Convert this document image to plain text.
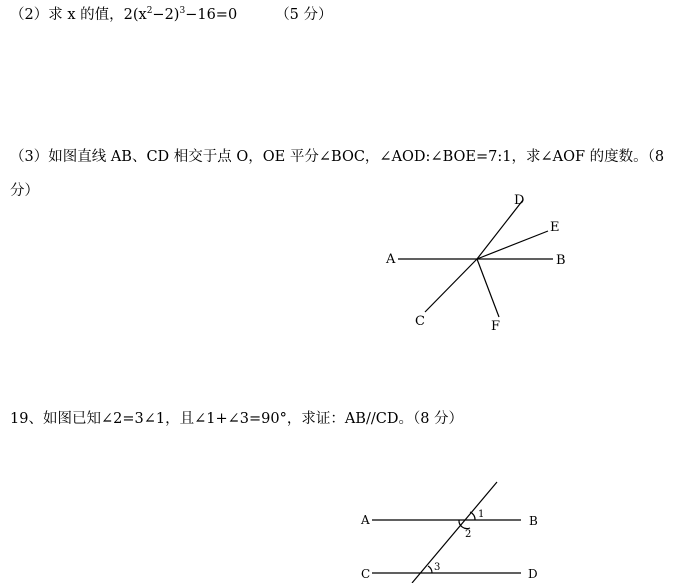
（2）求 x 的值，$2(x^2-2)^3-16=0$	（5 分）
（3）如图直线 AB、CD 相交于点 O，OE 平分∠BOC，∠AOD:∠BOE=7:1，求∠AOF 的度数。（8
分）
A	B
C
D
E
F
19、如图已知∠2=3∠1，且∠1+∠3=90°，求证：AB//CD。（8 分）
A	B
C	D
1
2
3
